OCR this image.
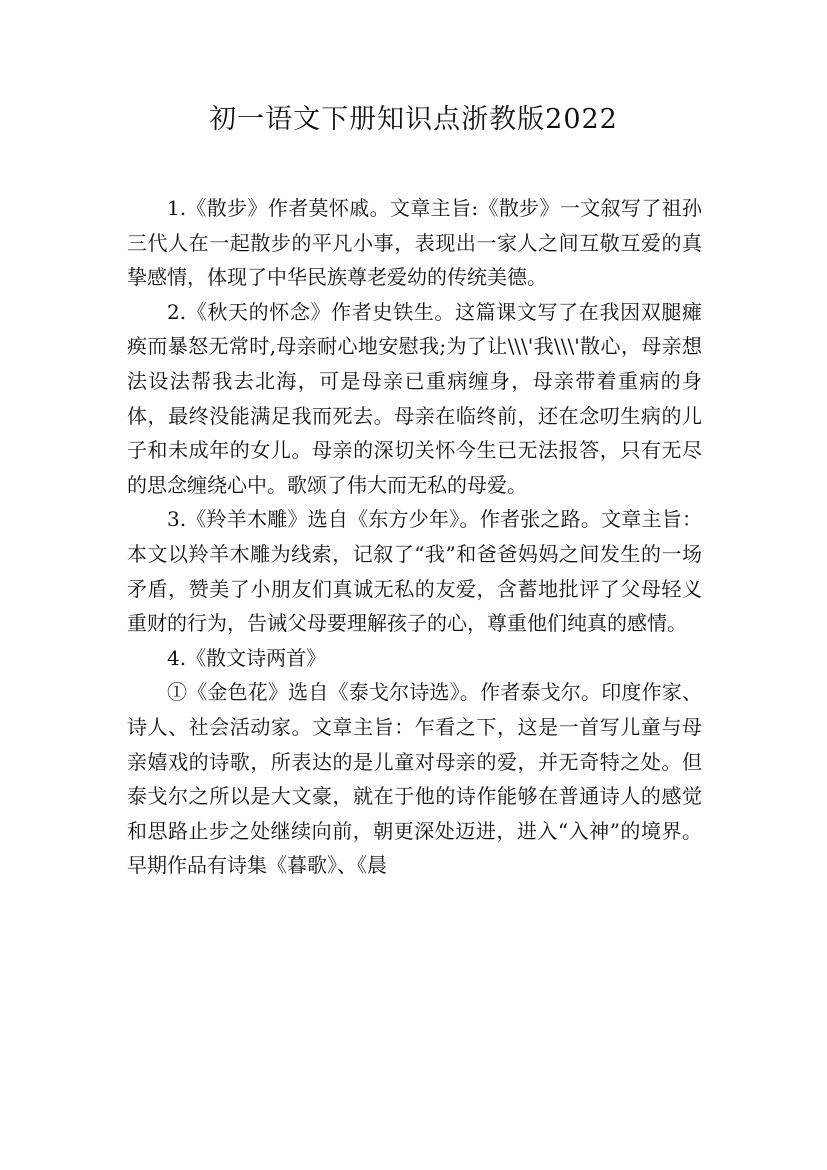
初一语文下册知识点浙教版2022

1.《散步》作者莫怀戚。文章主旨:《散步》一文叙写了祖孙三代人在一起散步的平凡小事，表现出一家人之间互敬互爱的真挚感情，体现了中华民族尊老爱幼的传统美德。

2.《秋天的怀念》作者史铁生。这篇课文写了在我因双腿瘫痪而暴怒无常时,母亲耐心地安慰我;为了让\\\'我\\\'散心，母亲想法设法帮我去北海，可是母亲已重病缠身，母亲带着重病的身体，最终没能满足我而死去。母亲在临终前，还在念叨生病的儿子和未成年的女儿。母亲的深切关怀今生已无法报答，只有无尽的思念缠绕心中。歌颂了伟大而无私的母爱。

3.《羚羊木雕》选自《东方少年》。作者张之路。文章主旨：本文以羚羊木雕为线索，记叙了“我”和爸爸妈妈之间发生的一场矛盾，赞美了小朋友们真诚无私的友爱，含蓄地批评了父母轻义重财的行为，告诫父母要理解孩子的心，尊重他们纯真的感情。

4.《散文诗两首》

①《金色花》选自《泰戈尔诗选》。作者泰戈尔。印度作家、诗人、社会活动家。文章主旨：乍看之下，这是一首写儿童与母亲嬉戏的诗歌，所表达的是儿童对母亲的爱，并无奇特之处。但泰戈尔之所以是大文豪，就在于他的诗作能够在普通诗人的感觉和思路止步之处继续向前，朝更深处迈进，进入“入神”的境界。早期作品有诗集《暮歌》、《晨
